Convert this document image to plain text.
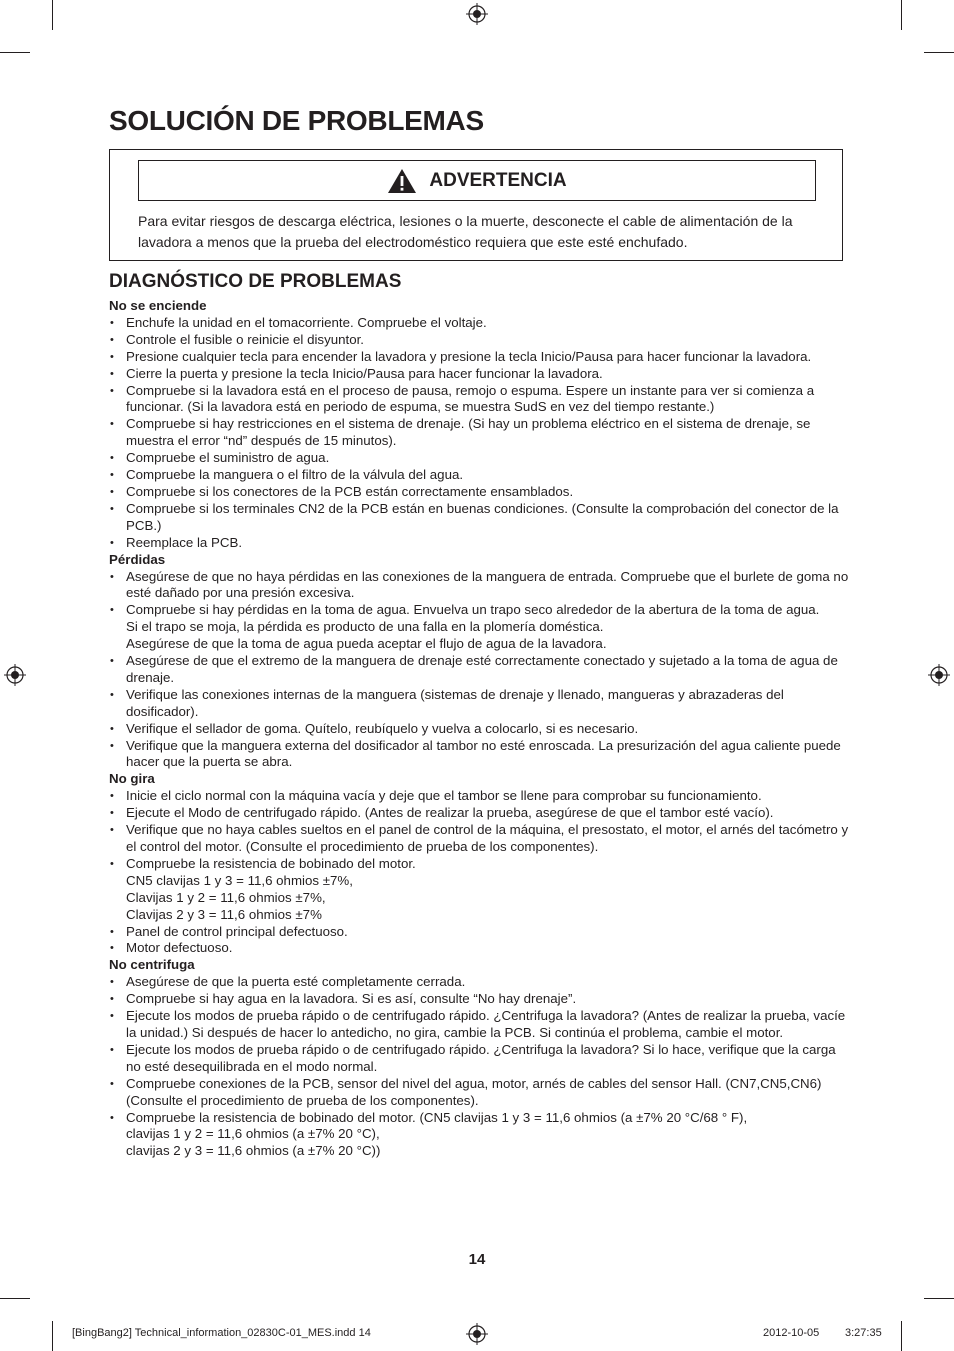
SOLUCIÓN DE PROBLEMAS
ADVERTENCIA
Para evitar riesgos de descarga eléctrica, lesiones o la muerte, desconecte el cable de alimentación de la lavadora a menos que la prueba del electrodoméstico requiera que este esté enchufado.
DIAGNÓSTICO DE PROBLEMAS
No se enciende
• Enchufe la unidad en el tomacorriente. Compruebe el voltaje.
• Controle el fusible o reinicie el disyuntor.
• Presione cualquier tecla para encender la lavadora y presione la tecla Inicio/Pausa para hacer funcionar la lavadora.
• Cierre la puerta y presione la tecla Inicio/Pausa para hacer funcionar la lavadora.
• Compruebe si la lavadora está en el proceso de pausa, remojo o espuma. Espere un instante para ver si comienza a funcionar. (Si la lavadora está en periodo de espuma, se muestra SudS en vez del tiempo restante.)
• Compruebe si hay restricciones en el sistema de drenaje. (Si hay un problema eléctrico en el sistema de drenaje, se muestra el error “nd” después de 15 minutos).
• Compruebe el suministro de agua.
• Compruebe la manguera o el filtro de la válvula del agua.
• Compruebe si los conectores de la PCB están correctamente ensamblados.
• Compruebe si los terminales CN2 de la PCB están en buenas condiciones. (Consulte la comprobación del conector de la PCB.)
• Reemplace la PCB.
Pérdidas
• Asegúrese de que no haya pérdidas en las conexiones de la manguera de entrada. Compruebe que el burlete de goma no esté dañado por una presión excesiva.
• Compruebe si hay pérdidas en la toma de agua. Envuelva un trapo seco alrededor de la abertura de la toma de agua.
Si el trapo se moja, la pérdida es producto de una falla en la plomería doméstica.
Asegúrese de que la toma de agua pueda aceptar el flujo de agua de la lavadora.
• Asegúrese de que el extremo de la manguera de drenaje esté correctamente conectado y sujetado a la toma de agua de drenaje.
• Verifique las conexiones internas de la manguera (sistemas de drenaje y llenado, mangueras y abrazaderas del dosificador).
• Verifique el sellador de goma. Quítelo, reubíquelo y vuelva a colocarlo, si es necesario.
• Verifique que la manguera externa del dosificador al tambor no esté enroscada. La presurización del agua caliente puede hacer que la puerta se abra.
No gira
• Inicie el ciclo normal con la máquina vacía y deje que el tambor se llene para comprobar su funcionamiento.
• Ejecute el Modo de centrifugado rápido. (Antes de realizar la prueba, asegúrese de que el tambor esté vacío).
• Verifique que no haya cables sueltos en el panel de control de la máquina, el presostato, el motor, el arnés del tacómetro y el control del motor. (Consulte el procedimiento de prueba de los componentes).
• Compruebe la resistencia de bobinado del motor.
CN5 clavijas 1 y 3 = 11,6 ohmios ±7%,
Clavijas 1 y 2 = 11,6 ohmios ±7%,
Clavijas 2 y 3 = 11,6 ohmios ±7%
• Panel de control principal defectuoso.
• Motor defectuoso.
No centrifuga
• Asegúrese de que la puerta esté completamente cerrada.
• Compruebe si hay agua en la lavadora. Si es así, consulte “No hay drenaje”.
• Ejecute los modos de prueba rápido o de centrifugado rápido. ¿Centrifuga la lavadora? (Antes de realizar la prueba, vacíe la unidad.) Si después de hacer lo antedicho, no gira, cambie la PCB. Si continúa el problema, cambie el motor.
• Ejecute los modos de prueba rápido o de centrifugado rápido. ¿Centrifuga la lavadora? Si lo hace, verifique que la carga no esté desequilibrada en el modo normal.
• Compruebe conexiones de la PCB, sensor del nivel del agua, motor, arnés de cables del sensor Hall. (CN7,CN5,CN6) (Consulte el procedimiento de prueba de los componentes).
• Compruebe la resistencia de bobinado del motor. (CN5 clavijas 1 y 3 = 11,6 ohmios (a ±7% 20 °C/68 ° F),
clavijas 1 y 2 = 11,6 ohmios (a ±7% 20 °C),
clavijas 2 y 3 = 11,6 ohmios (a ±7% 20 °C))
14
[BingBang2] Technical_information_02830C-01_MES.indd 14	2012-10-05 3:27:35
